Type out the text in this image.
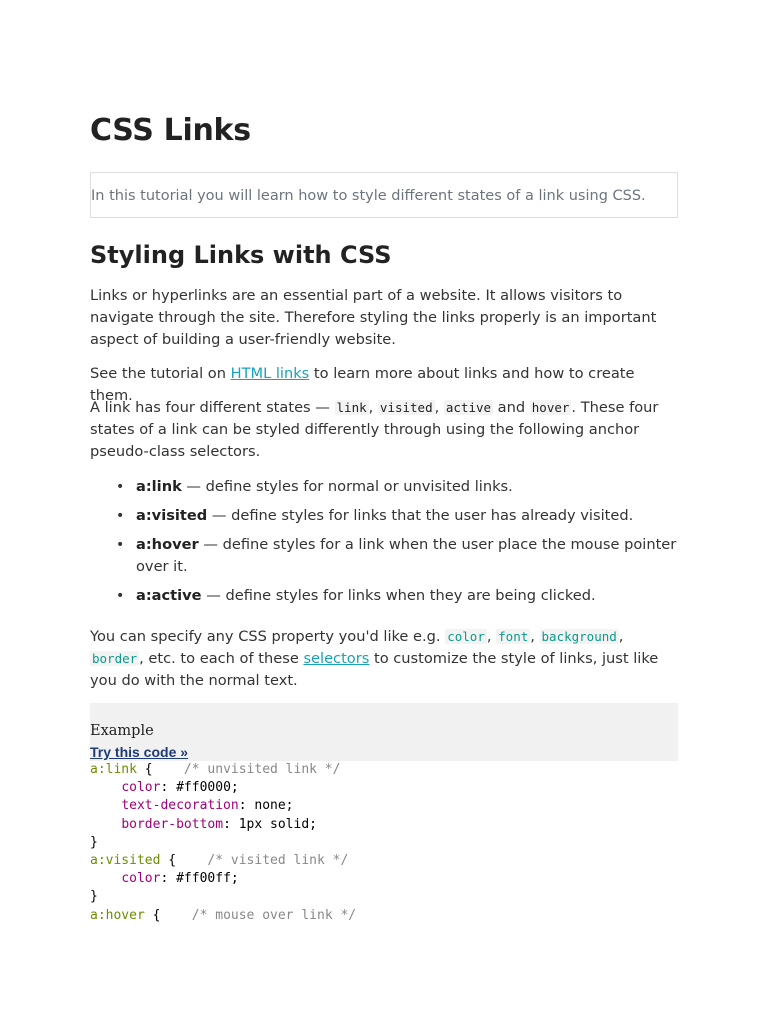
CSS Links
In this tutorial you will learn how to style different states of a link using CSS.
Styling Links with CSS

Links or hyperlinks are an essential part of a website. It allows visitors to navigate through the site. Therefore styling the links properly is an important aspect of building a user-friendly website.

See the tutorial on HTML links to learn more about links and how to create them.

A link has four different states — link , visited , active and hover . These four states of a link can be styled differently through using the following anchor pseudo-class selectors.

• a:link — define styles for normal or unvisited links.
• a:visited — define styles for links that the user has already visited.
• a:hover — define styles for a link when the user place the mouse pointer over it.
• a:active — define styles for links when they are being clicked.

You can specify any CSS property you'd like e.g. color , font , background , border , etc. to each of these selectors to customize the style of links, just like you do with the normal text.

Example
Try this code »
a:link {    /* unvisited link */
color: #ff0000;
text-decoration: none;
border-bottom: 1px solid;
}
a:visited {    /* visited link */
color: #ff00ff;
}
a:hover {    /* mouse over link */
